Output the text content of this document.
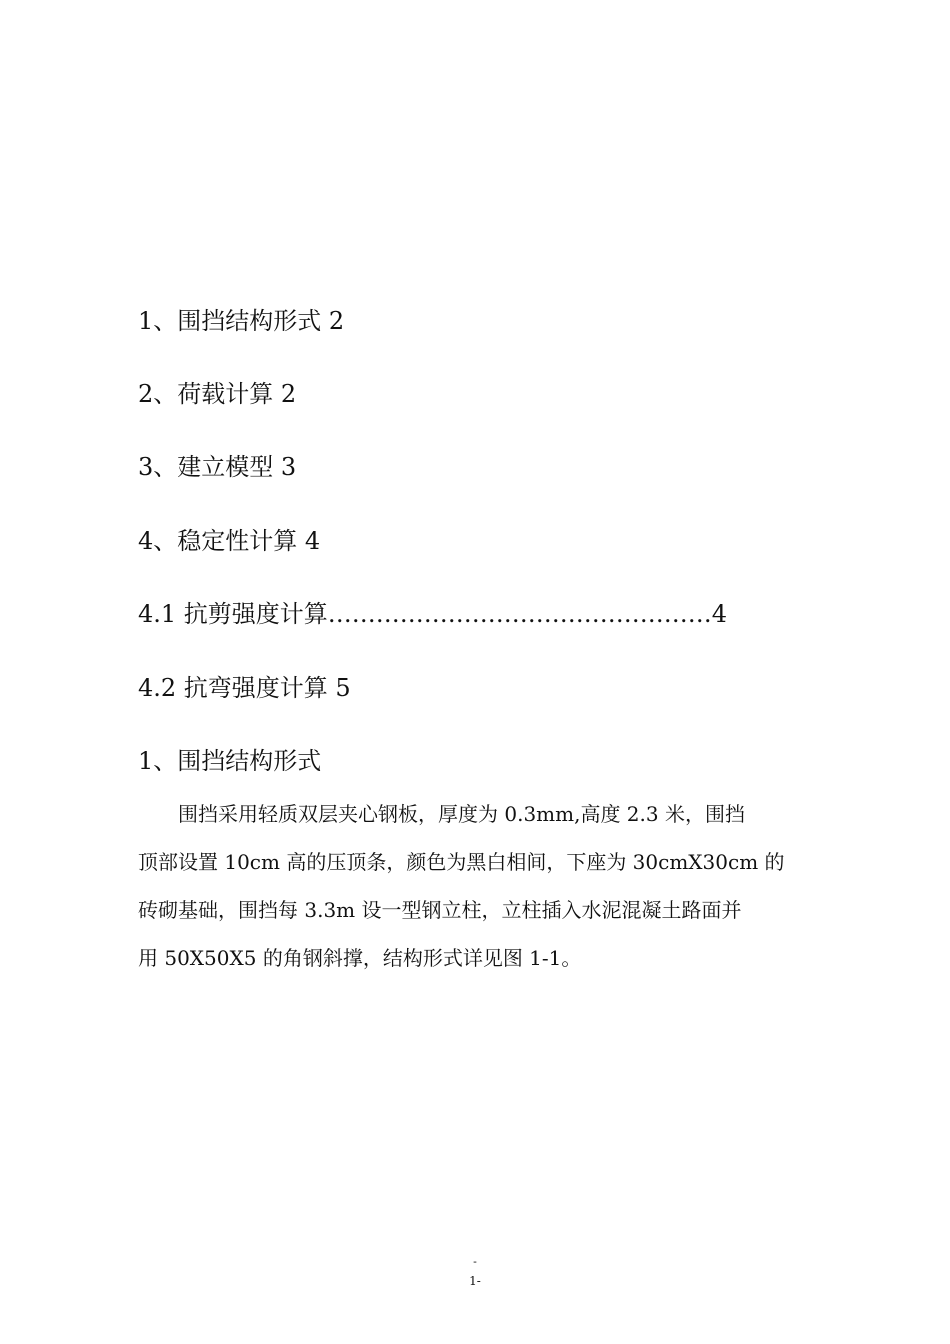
1、围挡结构形式 2
2、荷载计算 2
3、建立模型 3
4、稳定性计算 4
4.1 抗剪强度计算…………………………………………4
4.2 抗弯强度计算 5
1、围挡结构形式
　　围挡采用轻质双层夹心钢板，厚度为 0.3mm,高度 2.3 米，围挡
顶部设置 10cm 高的压顶条，颜色为黑白相间，下座为 30cmX30cm 的
砖砌基础，围挡每 3.3m 设一型钢立柱，立柱插入水泥混凝土路面并
用 50X50X5 的角钢斜撑，结构形式详见图 1-1。
-
1-
